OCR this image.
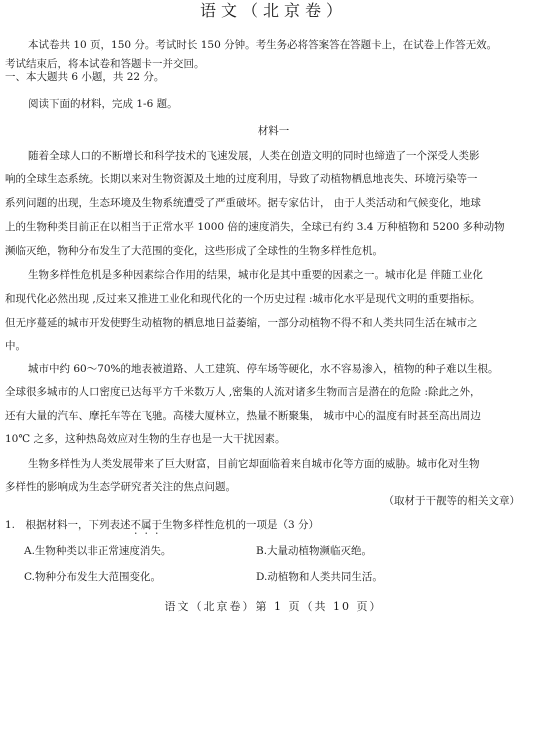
语文（北京卷）
本试卷共 10 页，150 分。考试时长 150 分钟。考生务必将答案答在答题卡上，在试卷上作答无效。
考试结束后，将本试卷和答题卡一并交回。
一、本大题共 6 小题，共 22 分。
阅读下面的材料，完成 1-6 题。
材料一
随着全球人口的不断增长和科学技术的飞速发展，人类在创造文明的同时也缔造了一个深受人类影
响的全球生态系统。长期以来对生物资源及土地的过度利用，导致了动植物栖息地丧失、环境污染等一
系列问题的出现，生态环境及生物系统遭受了严重破坏。据专家估计， 由于人类活动和气候变化，地球
上的生物种类目前正在以相当于正常水平 1000 倍的速度消失，全球已有约 3.4 万种植物和 5200 多种动物
濒临灭绝，物种分布发生了大范围的变化，这些形成了全球性的生物多样性危机。
生物多样性危机是多种因素综合作用的结果，城市化是其中重要的因素之一。城市化是 伴随工业化
和现代化必然出现 ,反过来又推进工业化和现代化的一个历史过程 :城市化水平是现代文明的重要指标。
但无序蔓延的城市开发使野生动植物的栖息地日益萎缩，一部分动植物不得不和人类共同生活在城市之
中。
城市中约 60～70%的地表被道路、人工建筑、停车场等硬化，水不容易渗入，植物的种子难以生根。
全球很多城市的人口密度已达每平方千米数万人 ,密集的人流对诸多生物而言是潜在的危险 :除此之外，
还有大量的汽车、摩托车等在飞驰。高楼大厦林立，热量不断聚集， 城市中心的温度有时甚至高出周边
10℃ 之多，这种热岛效应对生物的生存也是一大干扰因素。
生物多样性为人类发展带来了巨大财富，目前它却面临着来自城市化等方面的威胁。城市化对生物
多样性的影响成为生态学研究者关注的焦点问题。
（取材于干靓等的相关文章）
1.　根据材料一，下列表述不属于生物多样性危机的一项是（3 分）
A.生物种类以非正常速度消失。	B.大量动植物濒临灭绝。
C.物种分布发生大范围变化。	D.动植物和人类共同生活。
语文（北京卷）第 1 页（共 10 页）
